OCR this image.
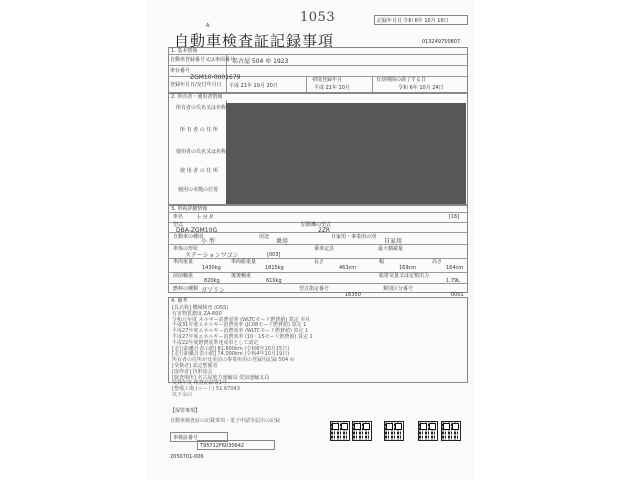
1053
A
記録年月日 令和 6年 10月 16日
自動車検査証記録事項	013249750807
1. 基本情報
自動車登録番号又は車両番号
名古屋 504 ゆ 1923
車台番号
ZGM10-0001679
登録年月日/交付年月日 平成 21年 10月 20日
初度登録年月
平成 21年 10月
有効期間の満了する日
令和 6年 10月 24日
2. 所有者・使用者情報
所有者の氏名又は名称
所 有 者 の 住 所
使用者の氏名又は名称
使 用 者 の 住 所
使用の本拠の位置
3. 車両詳細情報
車名 トヨタ	[16]
型式
DBA-ZGM10G
原動機の型式
2ZR
自動車の種別
小 型
用途
乗用
自家用・事業用の別
自家用
車体の形状
ステーションワゴン	[003]
乗車定員	最大積載量
車両重量
1430kg
車両総重量
1815kg
長さ
463cm
幅
169cm
高さ
164cm
前前軸重
820kg
後後軸重
610kg
総排気量又は定格出力
1.79L
燃料の種類 ガソリン	型式指定番号
16350
類別区分番号
0001
4. 備考
[具名称] 機械検査 (OSS)
有害物質濃度 ZA-600
令和元年度 ネルギー消費効率 (WLTCモード燃費値) 算定 本社
平成31年度エネルギー消費効率 (JC08モード燃費値) 算定 1
平成27年度エネルギー消費効率 (WLTCモード燃費値) 算定 1
平成27年度エネルギー消費効率 (10・15モード燃費値) 算定 1
平成22年度燃費基準達成車として認定
[走行距離計表示値] 81,600km (令和6年10月15日)
[走行距離計表示値] 74,000km (令和4年10月19日)
所有者の住所が変更前の事業所用の登録用記録 504 ゆ
[受検者] 認定整備者
[取得者] 技術協会
[検査場所] 名古屋地方運輸局 愛知運輸支局
受検年度 検査記録第1号
[整備工場 (コード) 51 67043
以下余白
【保管事項】
自動車検査証の記載事項・電子申請等届出の記録
車検証番号
T95712F6030642
2050701-006
